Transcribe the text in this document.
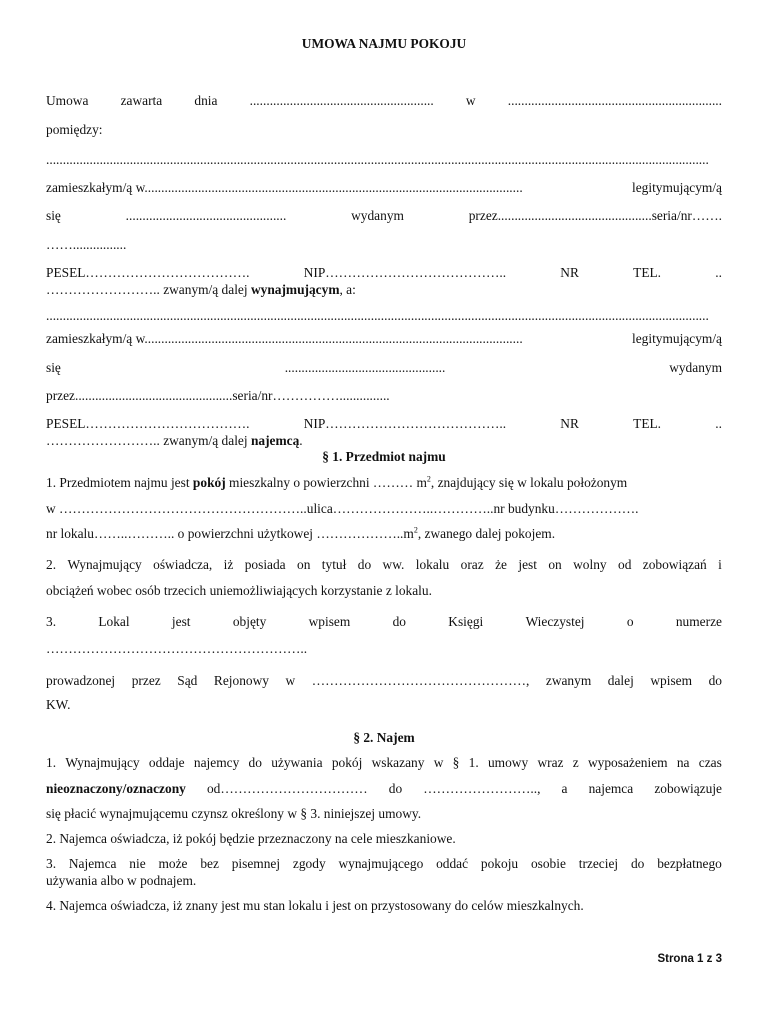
UMOWA NAJMU POKOJU
Umowa zawarta dnia ....................................................... w ................................................................
pomiędzy:
......................................................................................................................................................................................................
zamieszkałym/ą w.................................................................................................................	legitymującym/ą
się	................................................	wydanym	przez..............................................seria/nr…….
……................
PESEL……………………………….	NIP…………………………………..	NR	TEL.	..
…………………….. zwanym/ą dalej wynajmującym, a:
......................................................................................................................................................................................................
zamieszkałym/ą w.................................................................................................................	legitymującym/ą
się	................................................	wydanym
przez...............................................seria/nr……………...............
PESEL……………………………….	NIP…………………………………..	NR	TEL.	..
…………………….. zwanym/ą dalej najemcą.
§ 1. Przedmiot najmu
1. Przedmiotem najmu jest pokój mieszkalny o powierzchni ……… $m^2$, znajdujący się w lokalu położonym
w ………………………………………………..ulica…………………..…………..nr budynku……………….
nr lokalu……..……….. o powierzchni użytkowej $\dots\dots\dots\dots\dots\dots..m^2$, zwanego dalej pokojem.
2. Wynajmujący oświadcza, iż posiada on tytuł do ww. lokalu oraz że jest on wolny od zobowiązań i
obciążeń wobec osób trzecich uniemożliwiających korzystanie z lokalu.
3.	Lokal	jest	objęty	wpisem	do	Księgi	Wieczystej	o	numerze
…………………………………………………..
prowadzonej przez Sąd Rejonowy w …………………………………………, zwanym dalej wpisem do
KW.
§ 2. Najem
1. Wynajmujący oddaje najemcy do używania pokój wskazany w § 1. umowy wraz z wyposażeniem na czas
nieoznaczony/oznaczony od…………………………… do …………………….., a najemca zobowiązuje
się płacić wynajmującemu czynsz określony w § 3. niniejszej umowy.
2. Najemca oświadcza, iż pokój będzie przeznaczony na cele mieszkaniowe.
3. Najemca nie może bez pisemnej zgody wynajmującego oddać pokoju osobie trzeciej do bezpłatnego
używania albo w podnajem.
4. Najemca oświadcza, iż znany jest mu stan lokalu i jest on przystosowany do celów mieszkalnych.
Strona 1 z 3
